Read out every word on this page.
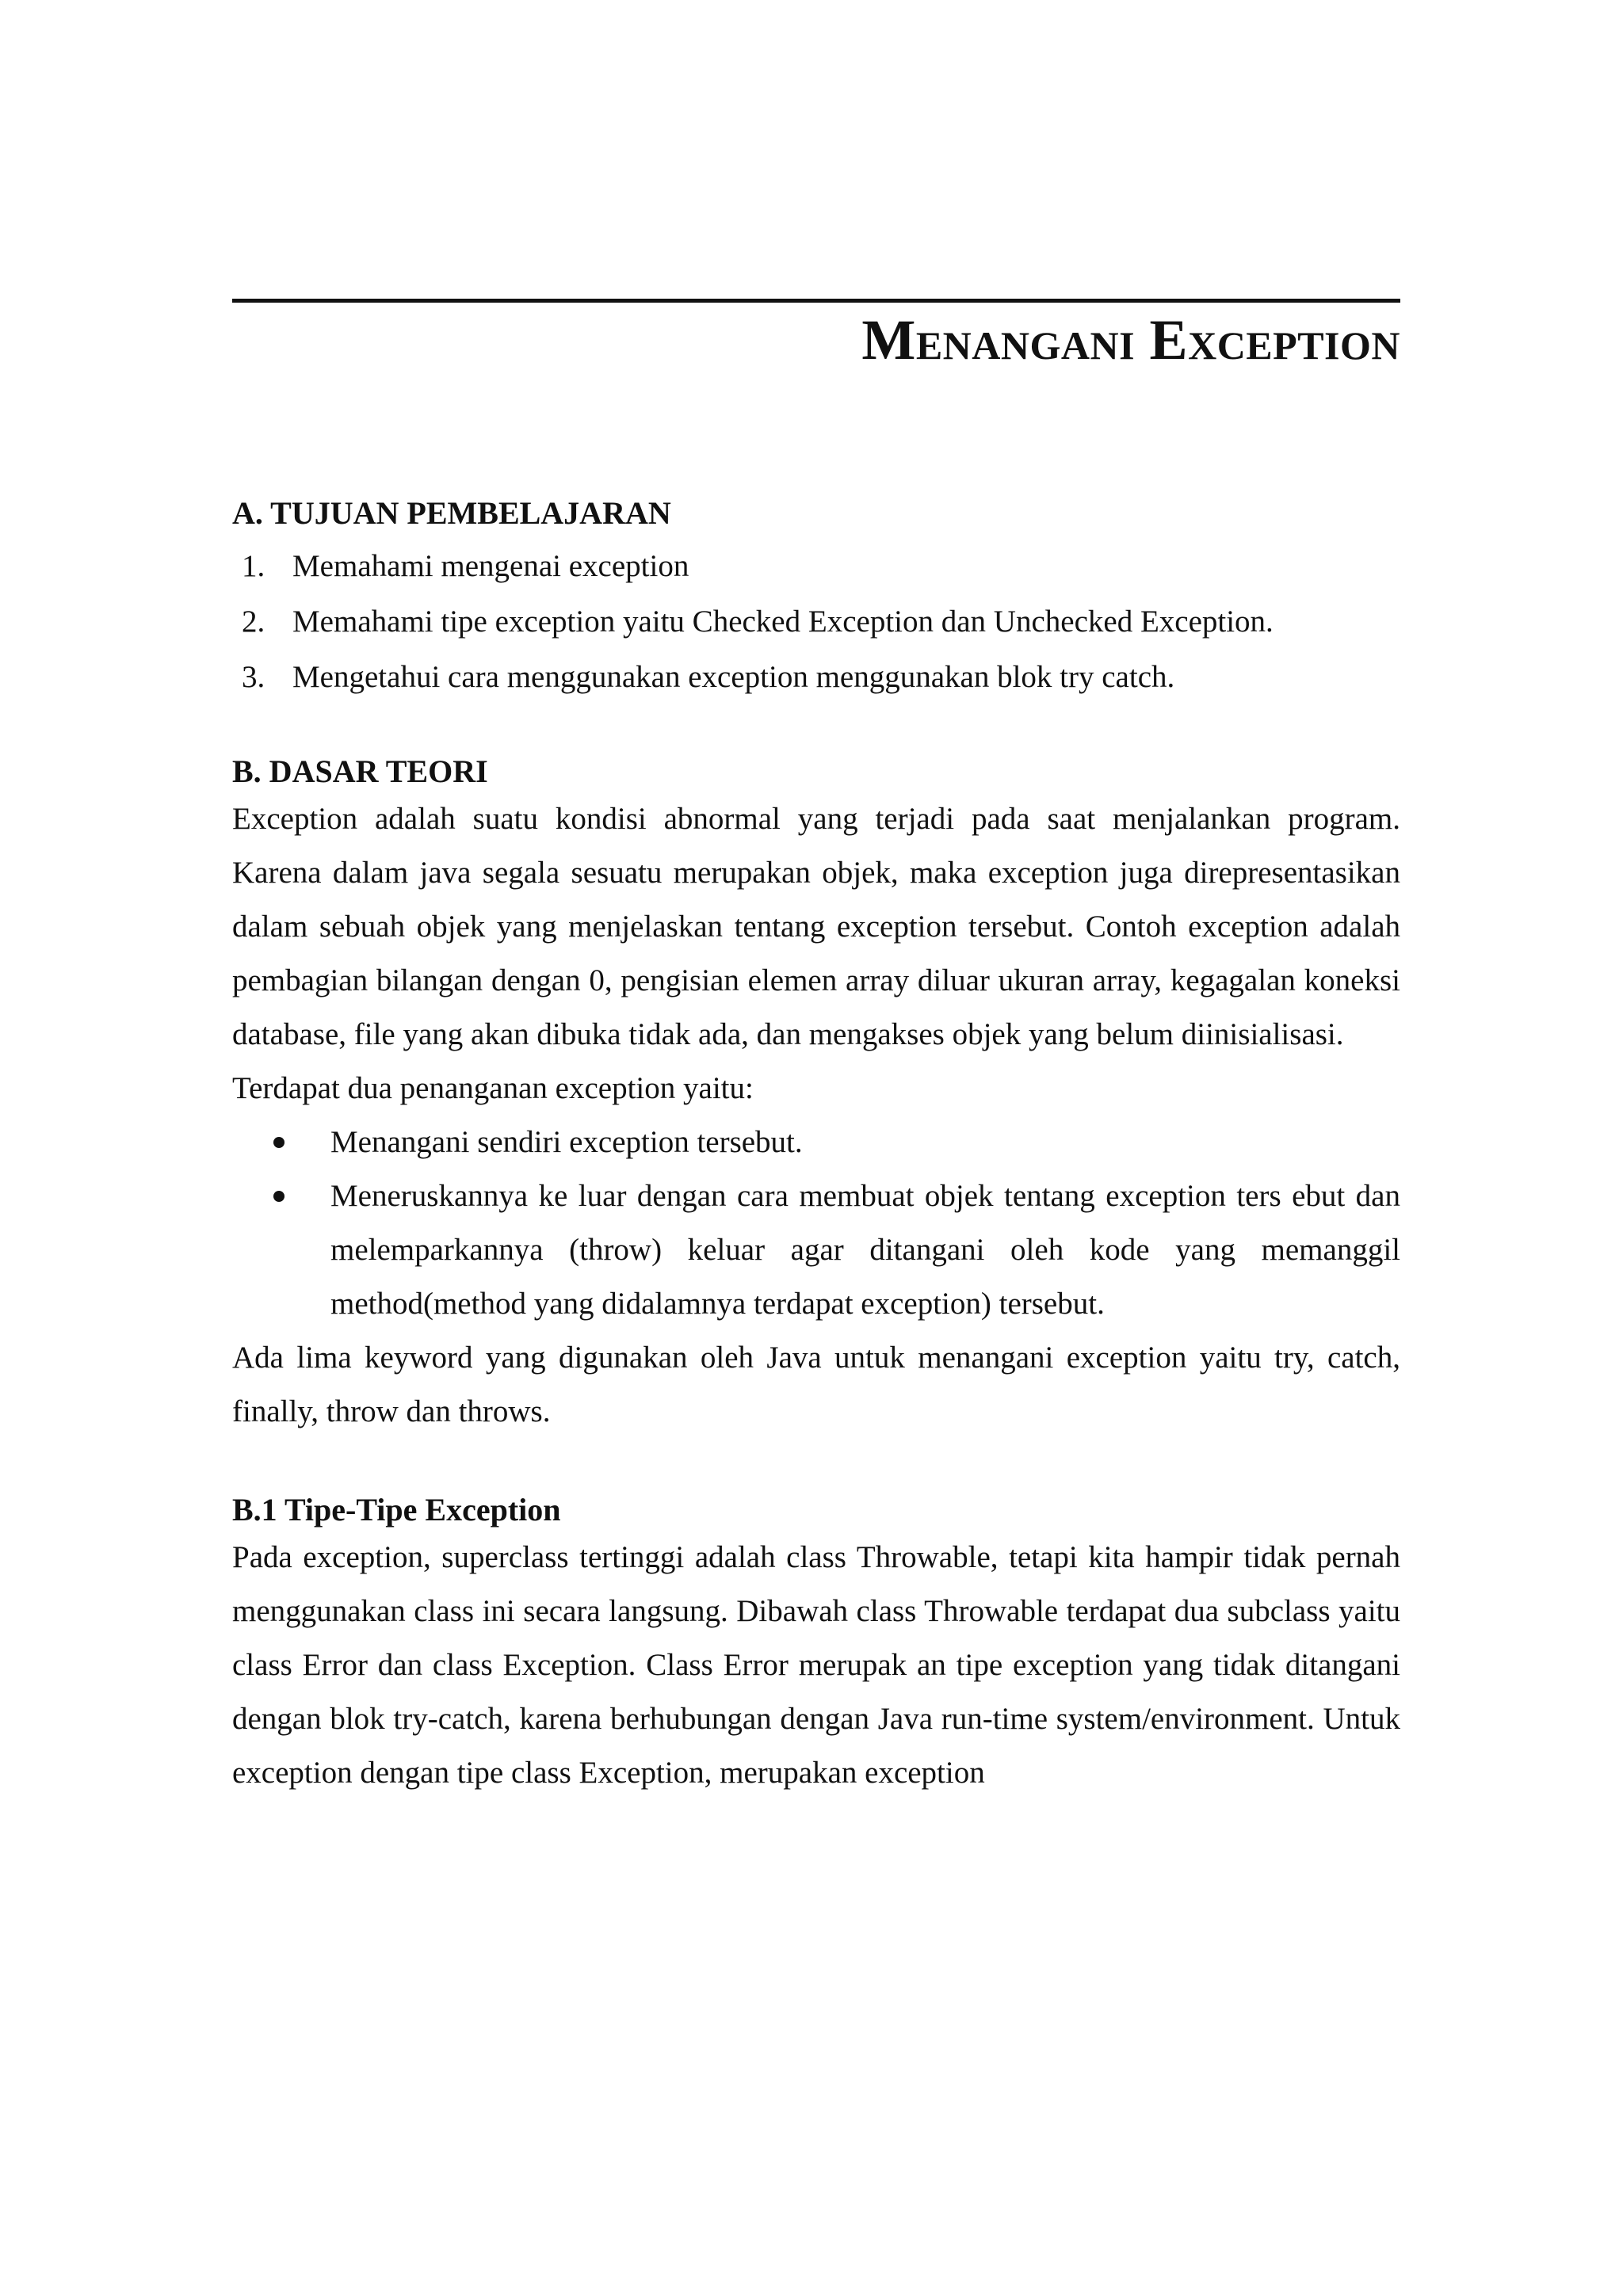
Menangani Exception
A. TUJUAN PEMBELAJARAN
1. Memahami mengenai exception
2. Memahami tipe exception yaitu Checked Exception dan Unchecked Exception.
3. Mengetahui cara menggunakan exception menggunakan blok try catch.
B. DASAR TEORI

Exception adalah suatu kondisi abnormal yang terjadi pada saat menjalankan program. Karena dalam java segala sesuatu merupakan objek, maka exception juga direpresentasikan dalam sebuah objek yang menjelaskan tentang exception tersebut. Contoh exception adalah pembagian bilangan dengan 0, pengisian elemen array diluar ukuran array, kegagalan koneksi database, file yang akan dibuka tidak ada, dan mengakses objek yang belum diinisialisasi.

Terdapat dua penanganan exception yaitu:

Menangani sendiri exception tersebut.
Meneruskannya ke luar dengan cara membuat objek tentang exception ters ebut dan melemparkannya (throw) keluar agar ditangani oleh kode yang memanggil method(method yang didalamnya terdapat exception) tersebut.

Ada lima keyword yang digunakan oleh Java untuk menangani exception yaitu try, catch, finally, throw dan throws.

B.1 Tipe-Tipe Exception

Pada exception, superclass tertinggi adalah class Throwable, tetapi kita hampir tidak pernah menggunakan class ini secara langsung. Dibawah class Throwable terdapat dua subclass yaitu class Error dan class Exception. Class Error merupak an tipe exception yang tidak ditangani dengan blok try-catch, karena berhubungan dengan Java run-time system/environment. Untuk exception dengan tipe class Exception, merupakan exception
